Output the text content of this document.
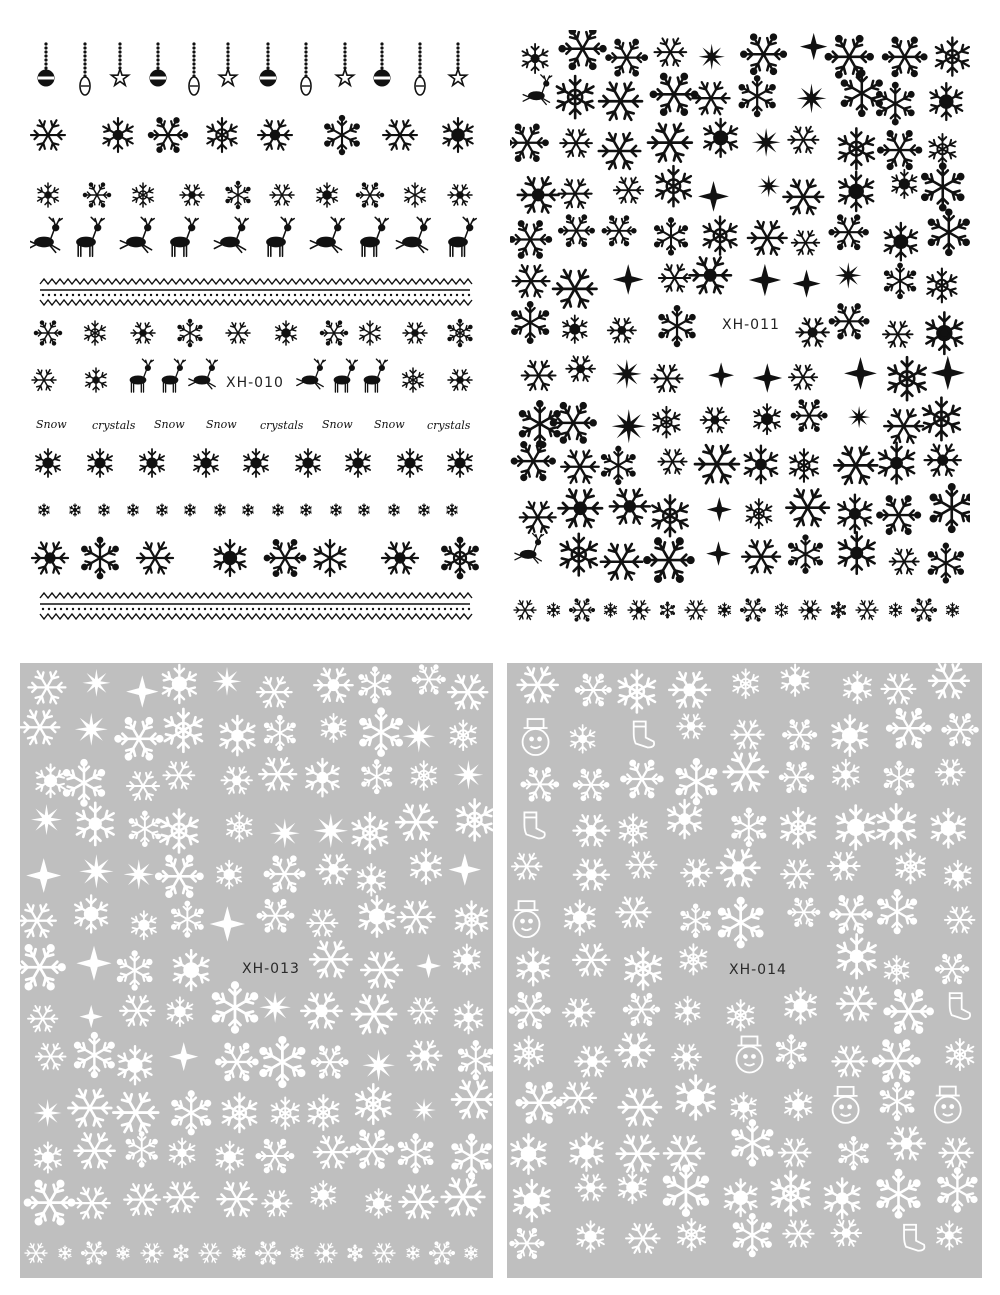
XH-010
Snow crystals Snow Snow crystals Snow Snow crystals
XH-011
XH-013	XH-014
